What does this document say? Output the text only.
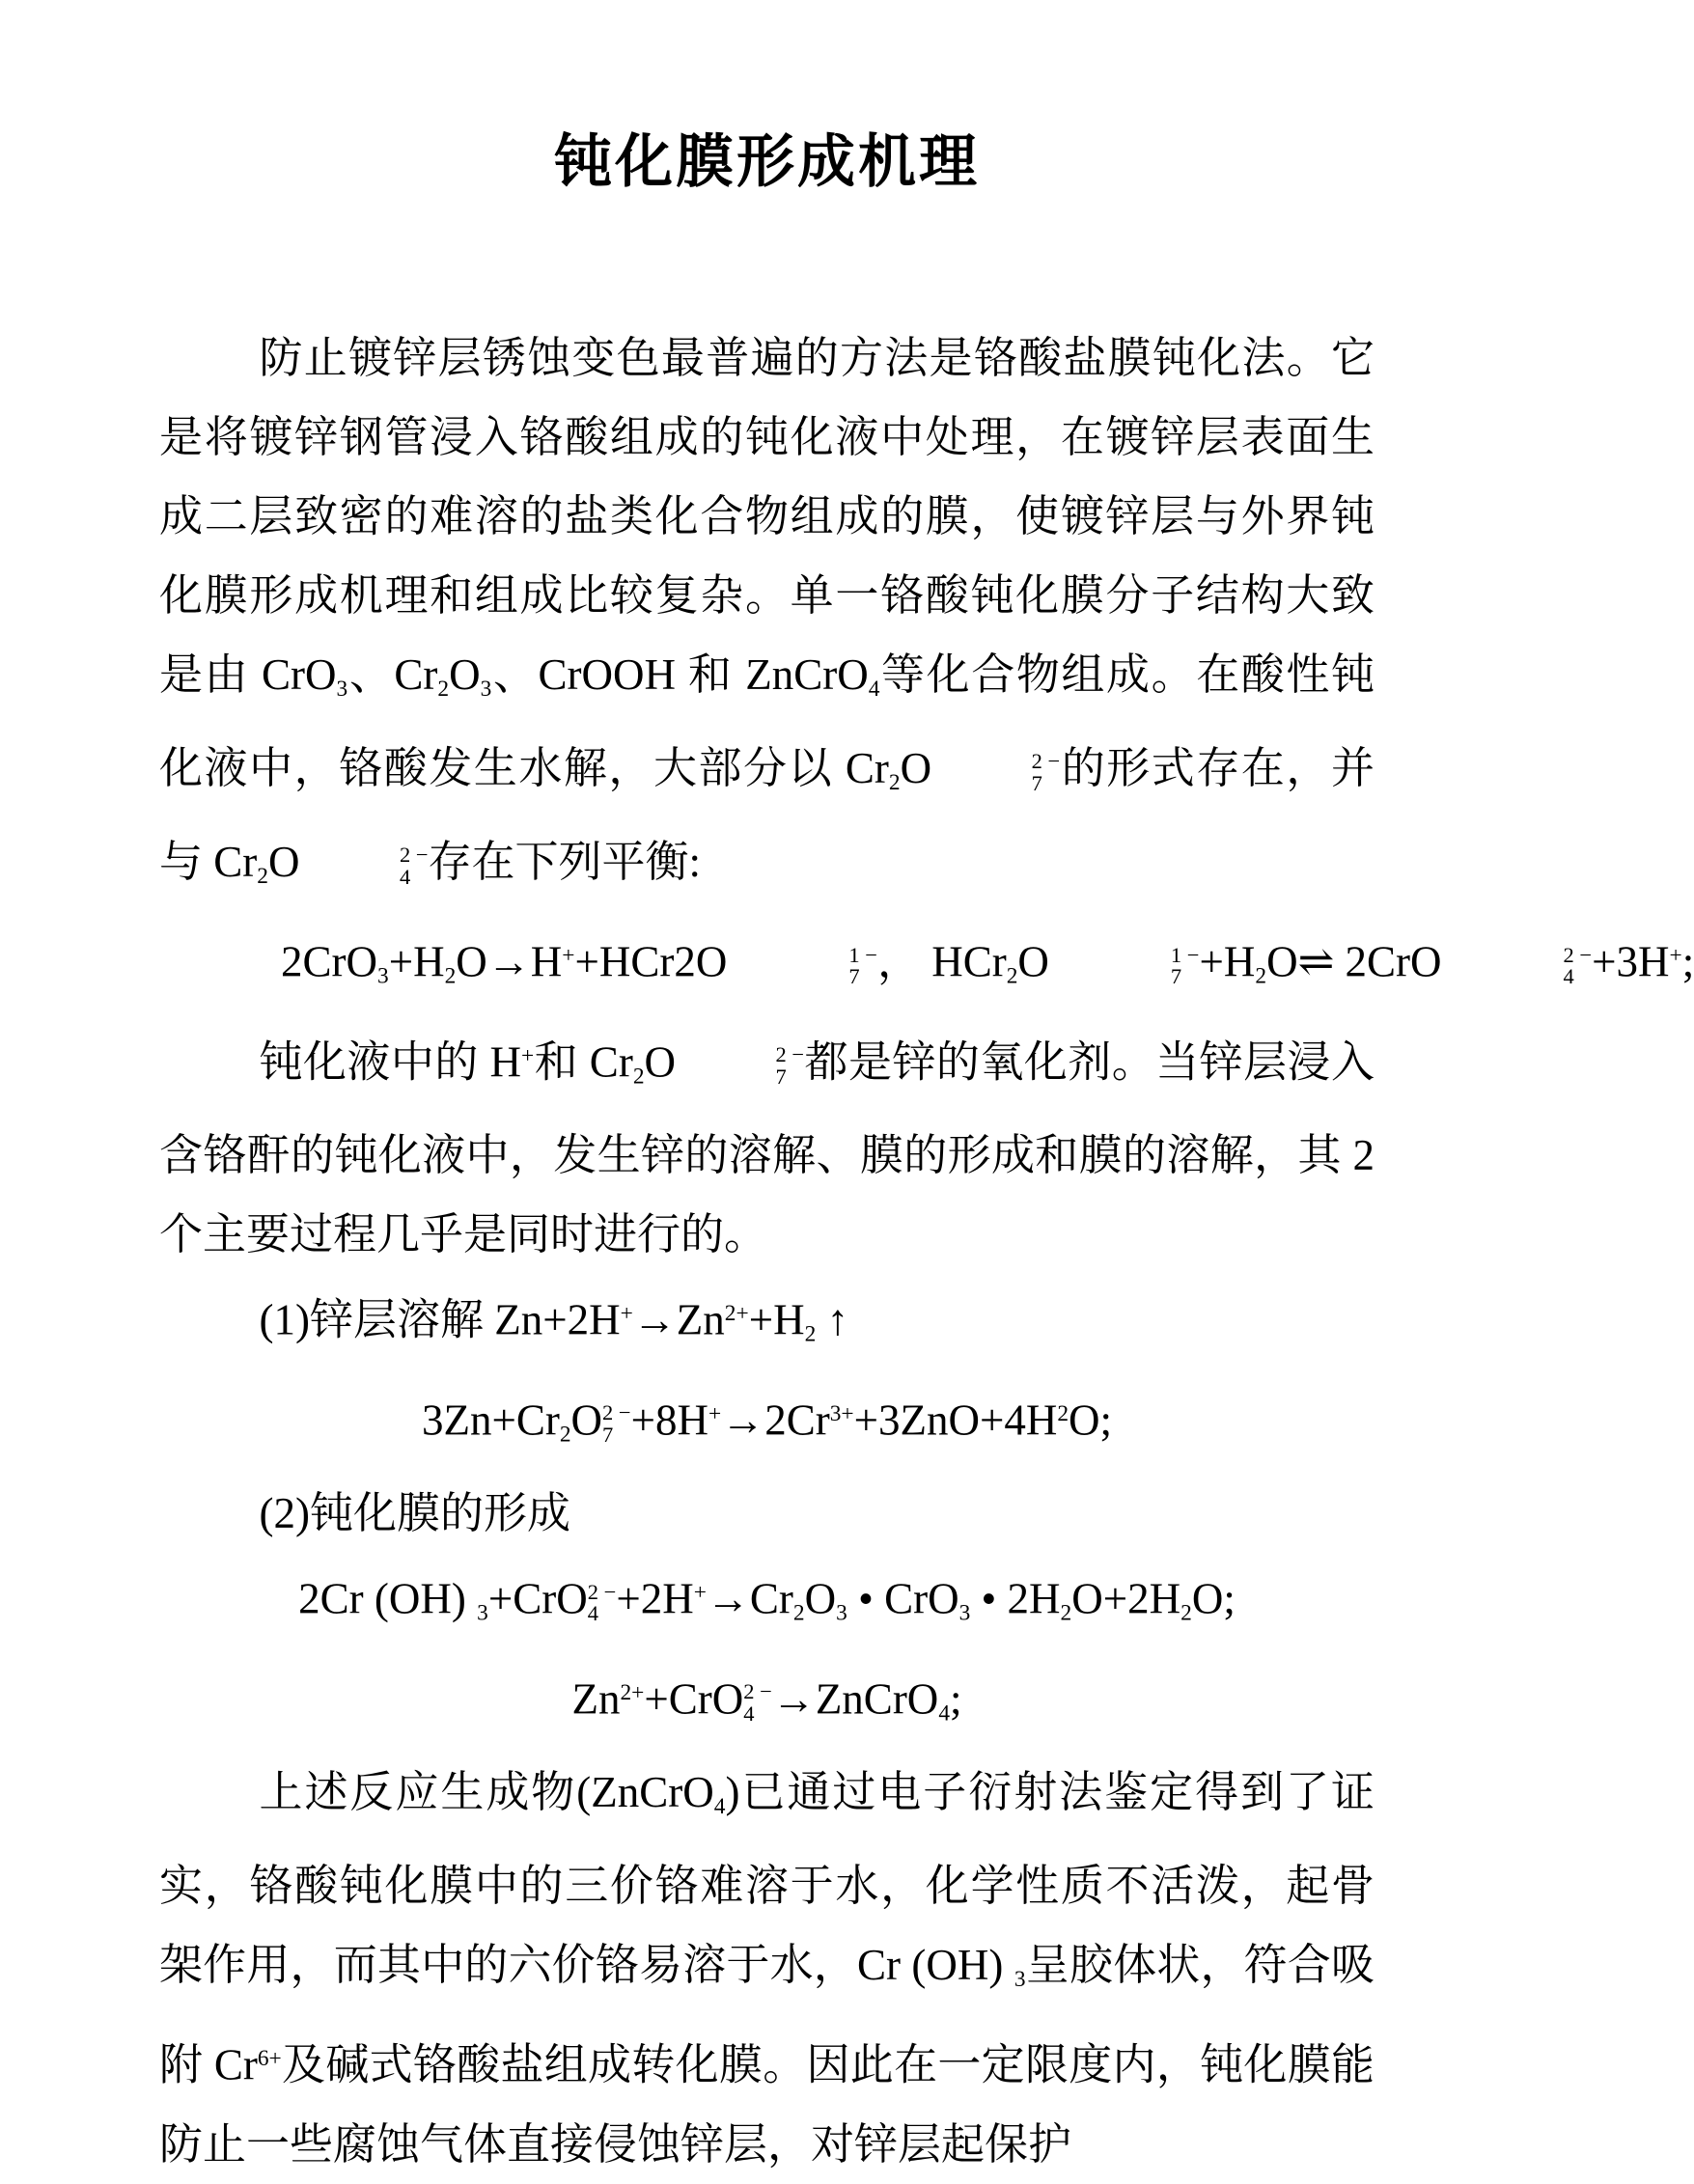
钝化膜形成机理

防止镀锌层锈蚀变色最普遍的方法是铬酸盐膜钝化法。它是将镀锌钢管浸入铬酸组成的钝化液中处理，在镀锌层表面生成二层致密的难溶的盐类化合物组成的膜，使镀锌层与外界钝化膜形成机理和组成比较复杂。单一铬酸钝化膜分子结构大致是由 CrO$_3$、$Cr_2O_3$、CrOOH 和 ZnCrO$_4$等化合物组成。在酸性钝化液中，铬酸发生水解，大部分以 $Cr_2O$	2 −
7 的形式存在，并与 $Cr_2O$	2 −
4 存在下列平衡:

$2CrO_3+H_2O\to H^++HCr2O$	1 −
7 ， HCr$_2$O	1 −
$7 +H_2O\rightleftharpoons$ 2CrO	2 −
4 +3H+;

钝化液中的 H+和 $Cr_2O$	2 −
7 都是锌的氧化剂。当锌层浸入含铬酐的钝化液中，发生锌的溶解、膜的形成和膜的溶解，其 2 个主要过程几乎是同时进行的。

(1)锌层溶解 $Zn+2H^+\to Zn^{2+}+H_2$ ↑

$3Zn+Cr_2O$ 2 −
$7 +8H^+\to 2Cr^{3+}+3ZnO+4H^2O$;

(2)钝化膜的形成

2Cr (OH) $_3$+CrO 2 −
$4 +2H^+\to Cr_2O_3$ • CrO$_3$ • $2H_2O+2H_2O$;

$Zn^{2+}+CrO$ 2 −
4 →ZnCrO$_4$;

上述反应生成物(ZnCrO$_4$)已通过电子衍射法鉴定得到了证实，铬酸钝化膜中的三价铬难溶于水，化学性质不活泼，起骨架作用，而其中的六价铬易溶于水，Cr (OH) $_3$呈胶体状，符合吸附 $Cr^{6+}$及碱式铬酸盐组成转化膜。因此在一定限度内，钝化膜能防止一些腐蚀气体直接侵蚀锌层，对锌层起保护
